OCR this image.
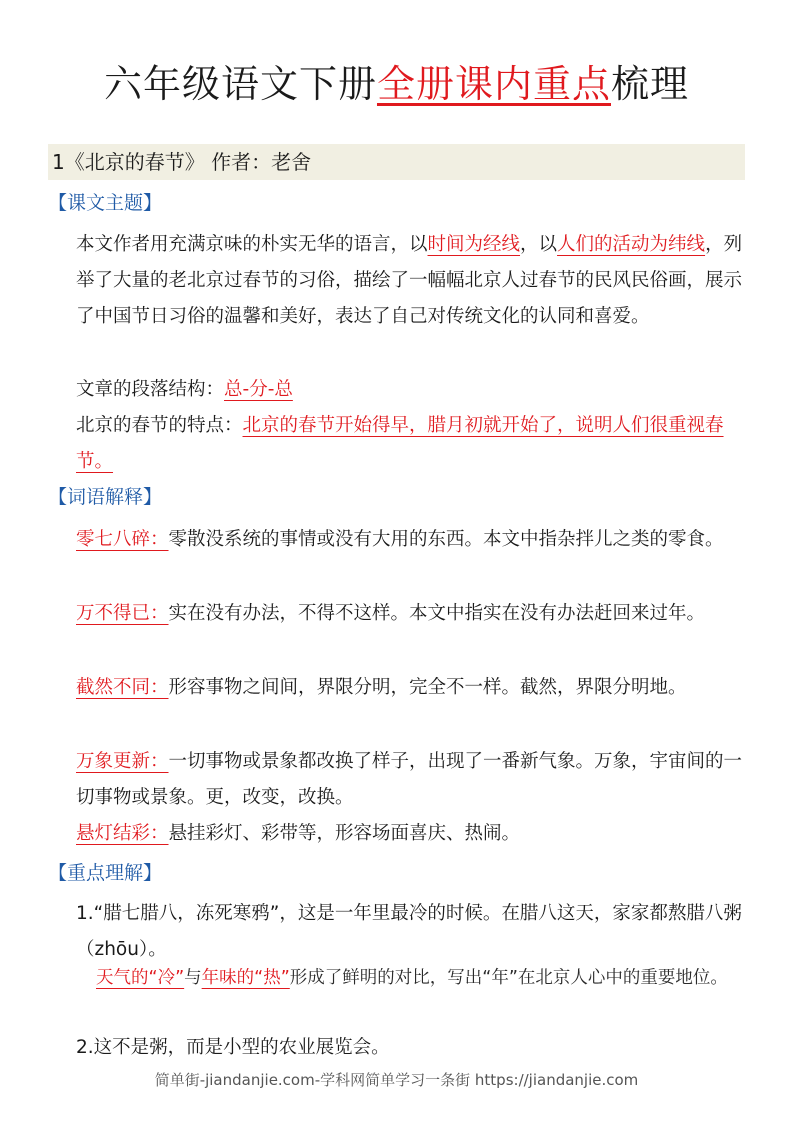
六年级语文下册全册课内重点梳理
1《北京的春节》 作者：老舍
【课文主题】
本文作者用充满京味的朴实无华的语言，以时间为经线，以人们的活动为纬线，列举了大量的老北京过春节的习俗，描绘了一幅幅北京人过春节的民风民俗画，展示了中国节日习俗的温馨和美好，表达了自己对传统文化的认同和喜爱。
文章的段落结构：总-分-总
北京的春节的特点：北京的春节开始得早，腊月初就开始了，说明人们很重视春节。
【词语解释】
零七八碎：零散没系统的事情或没有大用的东西。本文中指杂拌儿之类的零食。
万不得已：实在没有办法，不得不这样。本文中指实在没有办法赶回来过年。
截然不同：形容事物之间间，界限分明，完全不一样。截然，界限分明地。
万象更新：一切事物或景象都改换了样子，出现了一番新气象。万象，宇宙间的一切事物或景象。更，改变，改换。
悬灯结彩：悬挂彩灯、彩带等，形容场面喜庆、热闹。
【重点理解】
1.“腊七腊八，冻死寒鸦”，这是一年里最冷的时候。在腊八这天，家家都熬腊八粥（zhōu）。
天气的“冷”与年味的“热”形成了鲜明的对比，写出“年”在北京人心中的重要地位。
2.这不是粥，而是小型的农业展览会。
简单街-jiandanjie.com-学科网简单学习一条街 https://jiandanjie.com
